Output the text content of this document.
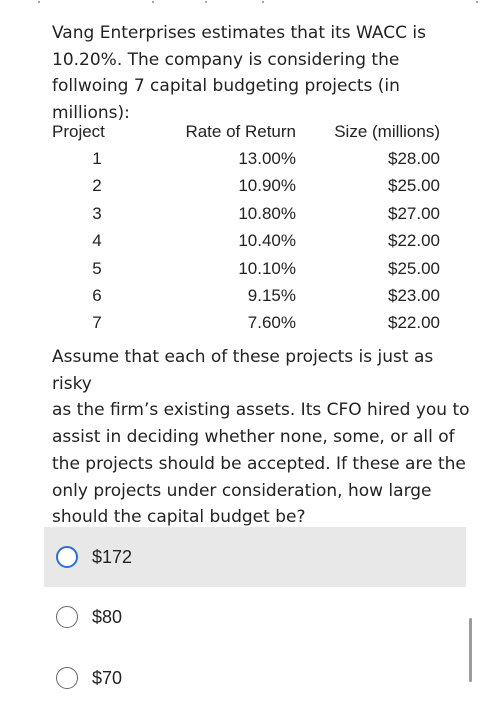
Vang Enterprises estimates that its WACC is
10.20%. The company is considering the
follwoing 7 capital budgeting projects (in millions):
Project	Rate of Return	Size (millions)
1	13.00%	$28.00
2	10.90%	$25.00
3	10.80%	$27.00
4	10.40%	$22.00
5	10.10%	$25.00
6	9.15%	$23.00
7	7.60%	$22.00
Assume that each of these projects is just as risky
as the firm’s existing assets. Its CFO hired you to
assist in deciding whether none, some, or all of
the projects should be accepted. If these are the
only projects under consideration, how large
should the capital budget be?
$172
$80
$70
